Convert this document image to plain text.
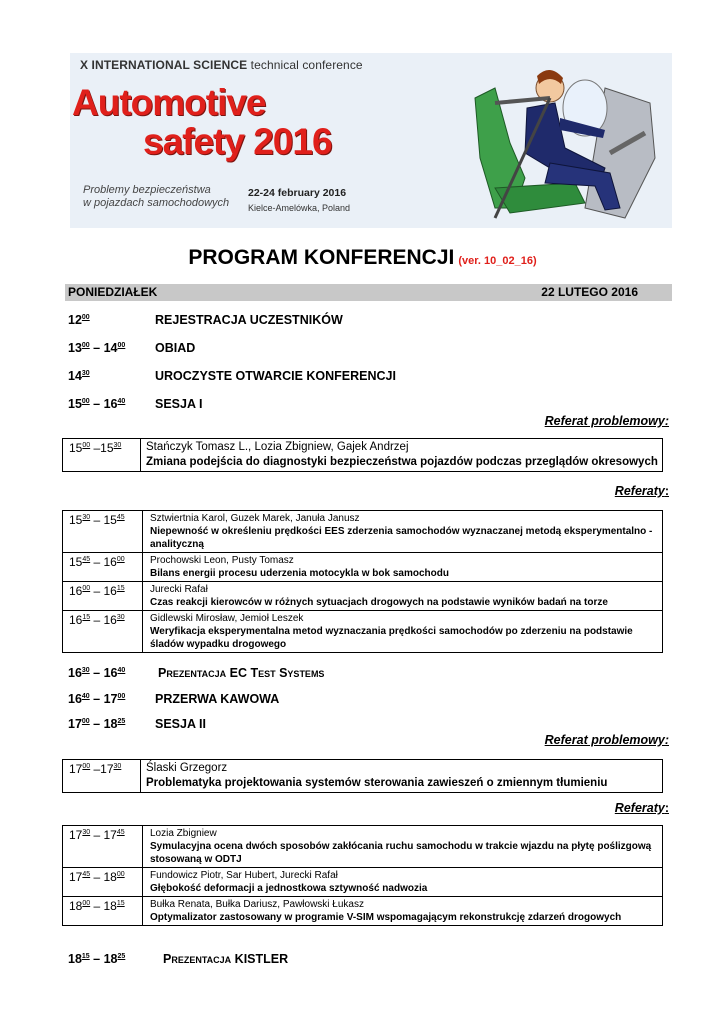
X INTERNATIONAL SCIENCE technical conference
Automotive
safety 2016
Problemy bezpieczeństwa
w pojazdach samochodowych
22-24 february 2016
Kielce-Amelówka, Poland
PROGRAM KONFERENCJI (ver. 10_02_16)
PONIEDZIAŁEK	22 LUTEGO 2016
$12^{00}$	REJESTRACJA UCZESTNIKÓW
$13^{00} - 14^{00}$ OBIAD
$14^{30}$	UROCZYSTE OTWARCIE KONFERENCJI
$15^{00} - 16^{40}$ SESJA I
Referat problemowy:
$15^{00}$ $-15^{30}$	Stańczyk Tomasz L., Lozia Zbigniew, Gajek Andrzej
Zmiana podejścia do diagnostyki bezpieczeństwa pojazdów podczas przeglądów okresowych
Referaty:
$15^{30} - 15^{45}$	Sztwiertnia Karol, Guzek Marek, Januła Janusz
Niepewność w określeniu prędkości EES zderzenia samochodów wyznaczanej metodą eksperymentalno - analityczną
$15^{45} - 16^{00}$	Prochowski Leon, Pusty Tomasz
Bilans energii procesu uderzenia motocykla w bok samochodu
$16^{00} - 16^{15}$	Jurecki Rafał
Czas reakcji kierowców w różnych sytuacjach drogowych na podstawie wyników badań na torze
$16^{15} - 16^{30}$	Gidlewski Mirosław, Jemioł Leszek
Weryfikacja eksperymentalna metod wyznaczania prędkości samochodów po zderzeniu na podstawie śladów wypadku drogowego
$16^{30} - 16^{40}$	Prezentacja EC Test Systems
$16^{40} - 17^{00}$ PRZERWA KAWOWA
$17^{00} - 18^{25}$ SESJA II
Referat problemowy:
$17^{00}$ $-17^{30}$	Ślaski Grzegorz
Problematyka projektowania systemów sterowania zawieszeń o zmiennym tłumieniu
Referaty:
$17^{30} - 17^{45}$	Lozia Zbigniew
Symulacyjna ocena dwóch sposobów zakłócania ruchu samochodu w trakcie wjazdu na płytę poślizgową stosowaną w ODTJ
$17^{45} - 18^{00}$	Fundowicz Piotr, Sar Hubert, Jurecki Rafał
Głębokość deformacji a jednostkowa sztywność nadwozia
$18^{00} - 18^{15}$	Bułka Renata, Bułka Dariusz, Pawłowski Łukasz
Optymalizator zastosowany w programie V-SIM wspomagającym rekonstrukcję zdarzeń drogowych
$18^{15} - 18^{25}$	Prezentacja KISTLER
